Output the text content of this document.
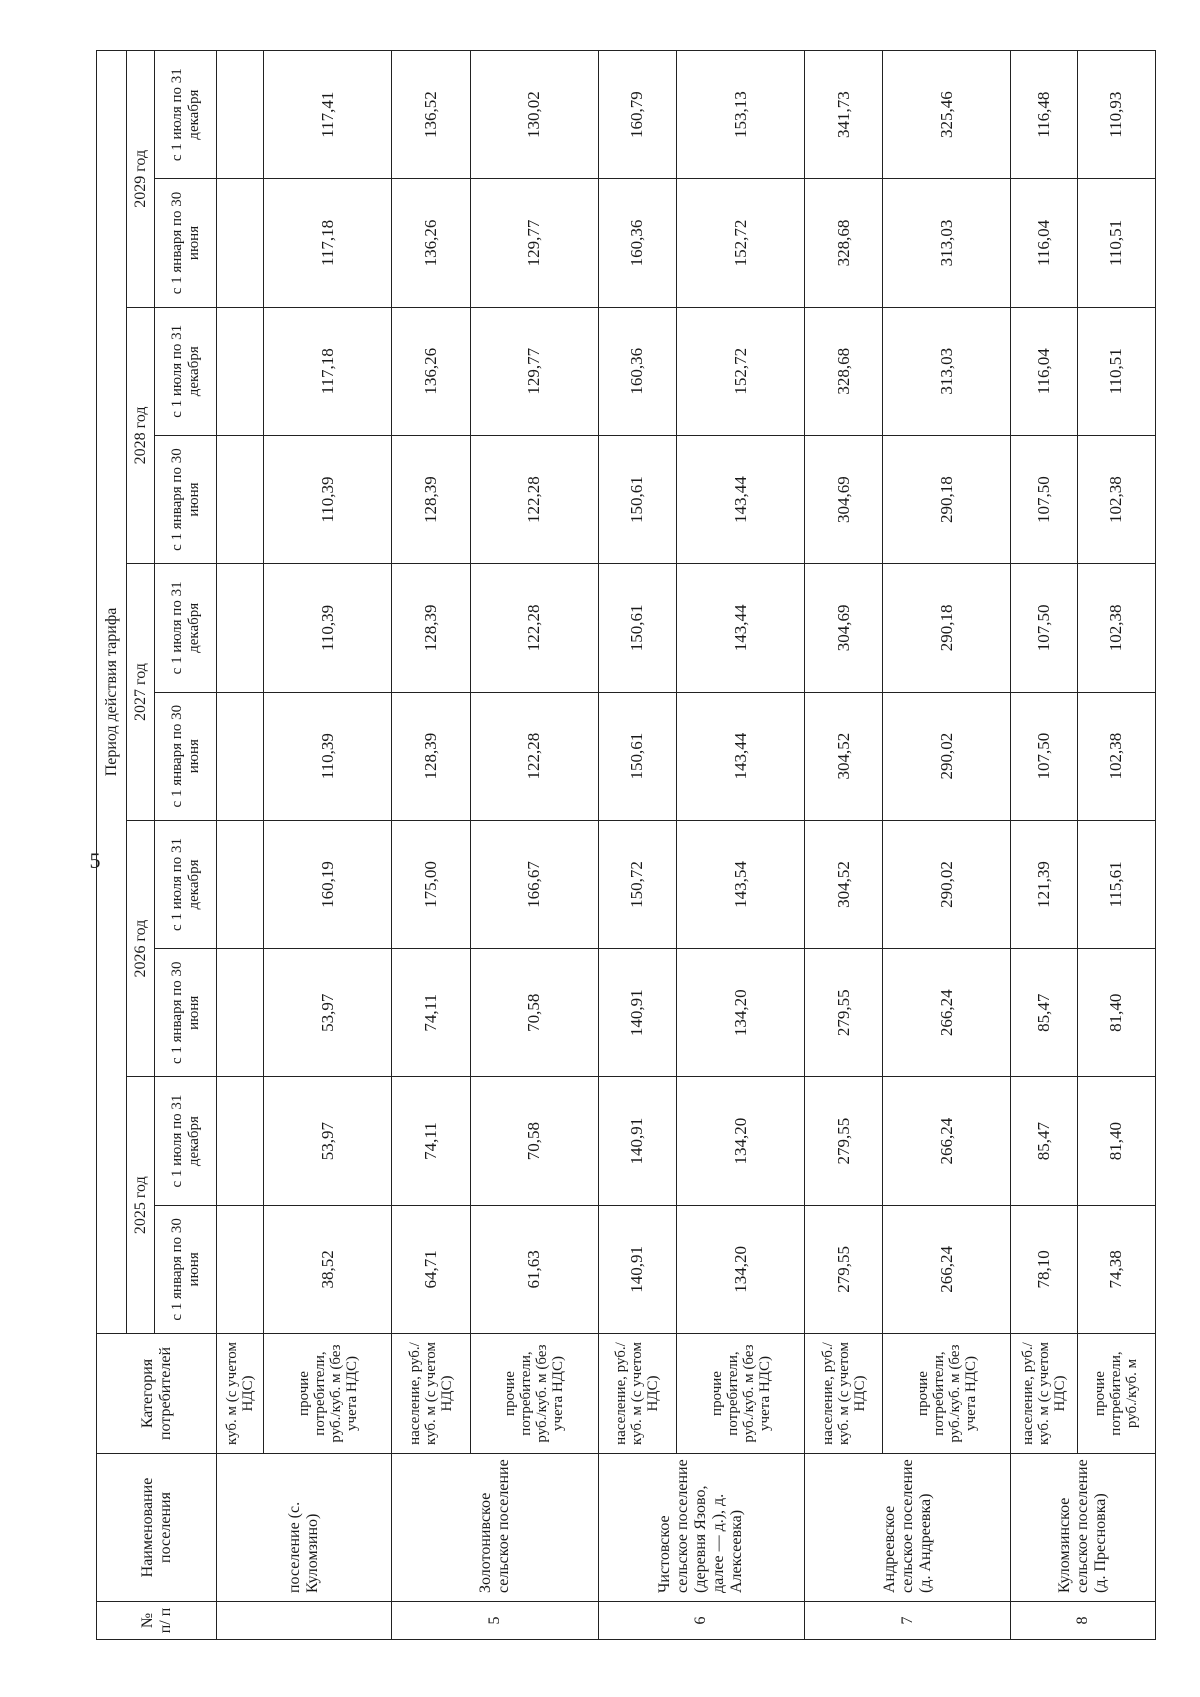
5
№ п/ п	Наименование поселения	Категория потребителей	Период действия тарифа									
			2025 год		2026 год		2027 год		2028 год		2029 год	
			с 1 января по 30 июня	с 1 июля по 31 декабря	с 1 января по 30 июня	с 1 июля по 31 декабря	с 1 января по 30 июня	с 1 июля по 31 декабря	с 1 января по 30 июня	с 1 июля по 31 декабря	с 1 января по 30 июня	с 1 июля по 31 декабря
	поселение (с. Куломзино)	куб. м (с учетом НДС)										
		прочие потребители, руб./куб. м (без учета НДС)	38,52	53,97	53,97	160,19	110,39	110,39	110,39	117,18	117,18	117,41
5	Золотонивское сельское поселение	население, руб./ куб. м (с учетом НДС)	64,71	74,11	74,11	175,00	128,39	128,39	128,39	136,26	136,26	136,52
		прочие потребители, руб./куб. м (без учета НДС)	61,63	70,58	70,58	166,67	122,28	122,28	122,28	129,77	129,77	130,02
6	Чистовское сельское поселение (деревня Язово, далее — д.), д. Алексеевка)	население, руб./ куб. м (с учетом НДС)	140,91	140,91	140,91	150,72	150,61	150,61	150,61	160,36	160,36	160,79
		прочие потребители, руб./куб. м (без учета НДС)	134,20	134,20	134,20	143,54	143,44	143,44	143,44	152,72	152,72	153,13
7	Андреевское сельское поселение (д. Андреевка)	население, руб./ куб. м (с учетом НДС)	279,55	279,55	279,55	304,52	304,52	304,69	304,69	328,68	328,68	341,73
		прочие потребители, руб./куб. м (без учета НДС)	266,24	266,24	266,24	290,02	290,02	290,18	290,18	313,03	313,03	325,46
8	Куломзинское сельское поселение (д. Пресновка)	население, руб./ куб. м (с учетом НДС)	78,10	85,47	85,47	121,39	107,50	107,50	107,50	116,04	116,04	116,48
		прочие потребители, руб./куб. м	74,38	81,40	81,40	115,61	102,38	102,38	102,38	110,51	110,51	110,93
